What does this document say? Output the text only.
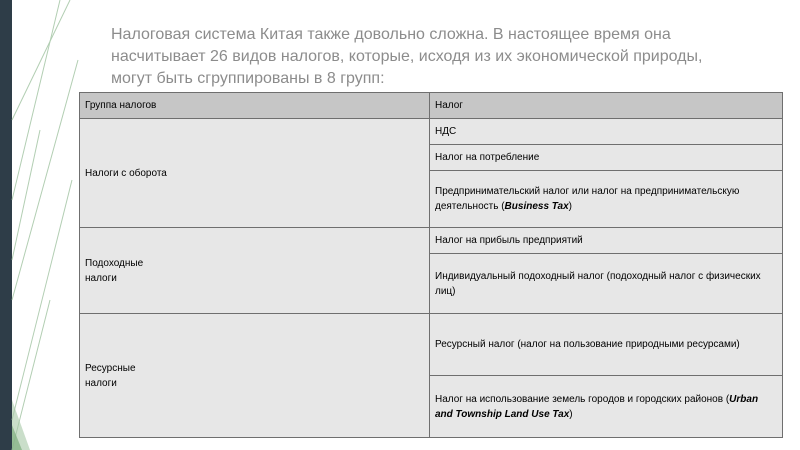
Налоговая система Китая также довольно сложна. В настоящее время она
насчитывает 26 видов налогов, которые, исходя из их экономической природы,
могут быть сгруппированы в 8 групп:
Группа налогов	Налог
Налоги с оборота	НДС
	Налог на потребление
	Предпринимательский налог или налог на предпринимательскую деятельность (Business Tax)
Подоходные
налоги	Налог на прибыль предприятий
	Индивидуальный подоходный налог (подоходный налог с физических лиц)
Ресурсные
налоги	Ресурсный налог (налог на пользование природными ресурсами)
	Налог на использование земель городов и городских районов (Urban and Township Land Use Tax)
